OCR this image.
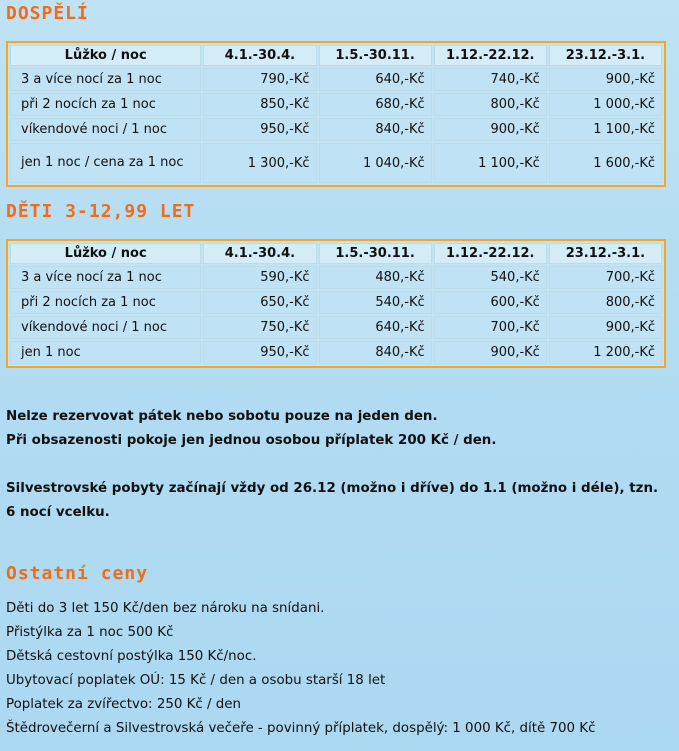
DOSPĚLÍ
Lůžko / noc	4.1.-30.4.	1.5.-30.11.	1.12.-22.12.	23.12.-3.1.
3 a více nocí za 1 noc	790,-Kč	640,-Kč	740,-Kč	900,-Kč
při 2 nocích za 1 noc	850,-Kč	680,-Kč	800,-Kč	1 000,-Kč
víkendové noci / 1 noc	950,-Kč	840,-Kč	900,-Kč	1 100,-Kč
jen 1 noc / cena za 1 noc	1 300,-Kč	1 040,-Kč	1 100,-Kč	1 600,-Kč
DĚTI 3-12,99 LET
Lůžko / noc	4.1.-30.4.	1.5.-30.11.	1.12.-22.12.	23.12.-3.1.
3 a více nocí za 1 noc	590,-Kč	480,-Kč	540,-Kč	700,-Kč
při 2 nocích za 1 noc	650,-Kč	540,-Kč	600,-Kč	800,-Kč
víkendové noci / 1 noc	750,-Kč	640,-Kč	700,-Kč	900,-Kč
jen 1 noc	950,-Kč	840,-Kč	900,-Kč	1 200,-Kč

Nelze rezervovat pátek nebo sobotu pouze na jeden den.
Při obsazenosti pokoje jen jednou osobou příplatek 200 Kč / den.

Silvestrovské pobyty začínají vždy od 26.12 (možno i dříve) do 1.1 (možno i déle), tzn. 6 nocí vcelku.

Ostatní ceny
Děti do 3 let 150 Kč/den bez nároku na snídani.
Přistýlka za 1 noc 500 Kč
Dětská cestovní postýlka 150 Kč/noc.
Ubytovací poplatek OÚ: 15 Kč / den a osobu starší 18 let
Poplatek za zvířectvo: 250 Kč / den
Štědrovečerní a Silvestrovská večeře - povinný příplatek, dospělý: 1 000 Kč, dítě 700 Kč
